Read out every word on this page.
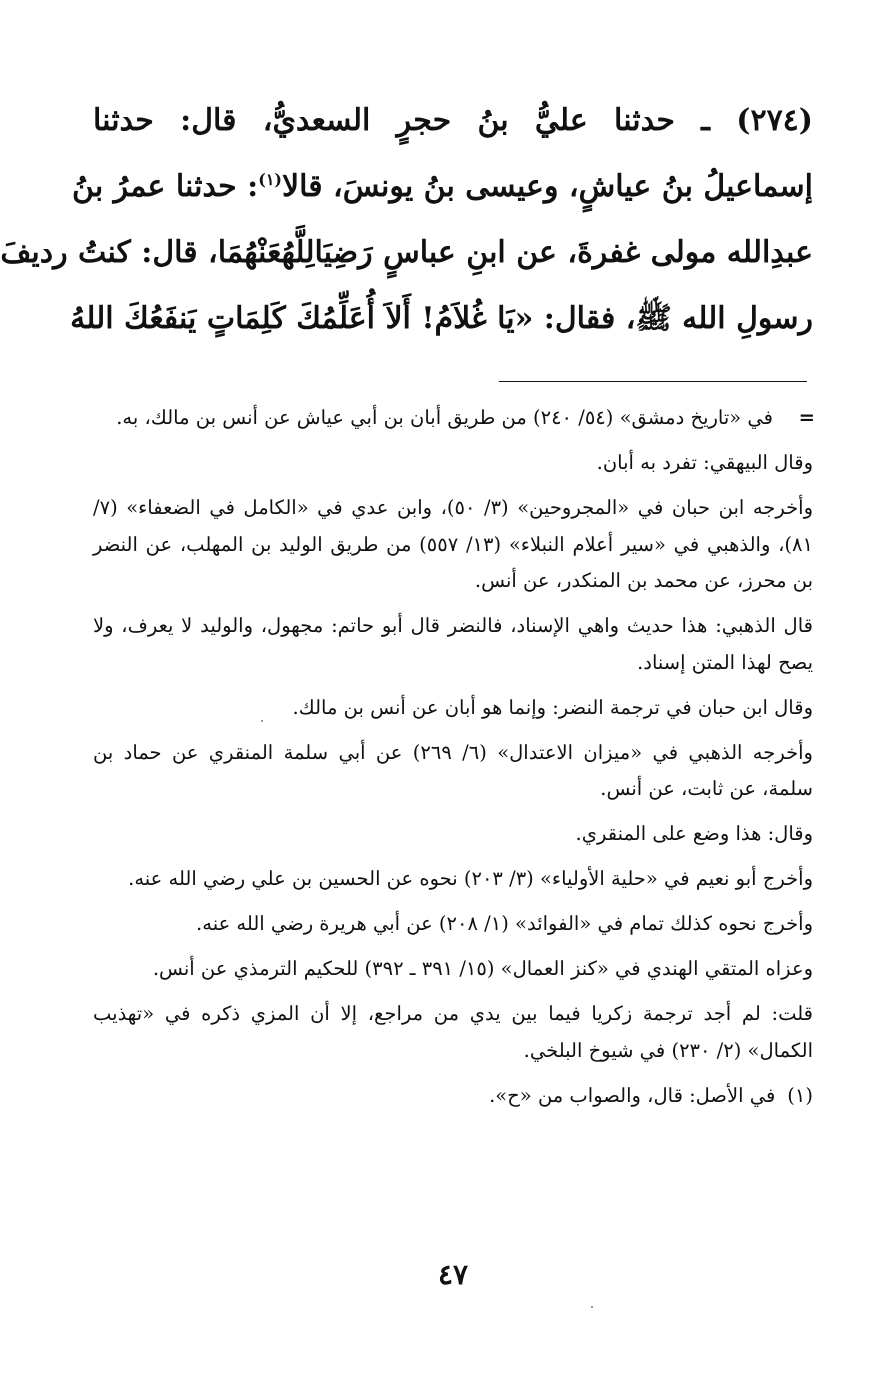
(٢٧٤) ـ حدثنا عليُّ بنُ حجرٍ السعديُّ، قال: حدثنا
إسماعيلُ بنُ عياشٍ، وعيسى بنُ يونسَ، قالا$^{(١)}$: حدثنا عمرُ بنُ
عبدِالله مولى غفرةَ، عن ابنِ عباسٍ رَضِيَالِلَّهُعَنْهُمَا، قال: كنتُ رديفَ
رسولِ الله ﷺ، فقال: «يَا غُلاَمُ! أَلاَ أُعَلِّمُكَ كَلِمَاتٍ يَنفَعُكَ اللهُ

=
في «تاريخ دمشق» (٥٤/ ٢٤٠) من طريق أبان بن أبي عياش عن أنس بن مالك، به.

وقال البيهقي: تفرد به أبان.

وأخرجه ابن حبان في «المجروحين» (٣/ ٥٠)، وابن عدي في «الكامل في الضعفاء» (٧/ ٨١)، والذهبي في «سير أعلام النبلاء» (١٣/ ٥٥٧) من طريق الوليد بن المهلب، عن النضر بن محرز، عن محمد بن المنكدر، عن أنس.

قال الذهبي: هذا حديث واهي الإسناد، فالنضر قال أبو حاتم: مجهول، والوليد لا يعرف، ولا يصح لهذا المتن إسناد.

وقال ابن حبان في ترجمة النضر: وإنما هو أبان عن أنس بن مالك.

وأخرجه الذهبي في «ميزان الاعتدال» (٦/ ٢٦٩) عن أبي سلمة المنقري عن حماد بن سلمة، عن ثابت، عن أنس.

وقال: هذا وضع على المنقري.

وأخرج أبو نعيم في «حلية الأولياء» (٣/ ٢٠٣) نحوه عن الحسين بن علي رضي الله عنه.

وأخرج نحوه كذلك تمام في «الفوائد» (١/ ٢٠٨) عن أبي هريرة رضي الله عنه.

وعزاه المتقي الهندي في «كنز العمال» (١٥/ ٣٩١ ـ ٣٩٢) للحكيم الترمذي عن أنس.

قلت: لم أجد ترجمة زكريا فيما بين يدي من مراجع، إلا أن المزي ذكره في «تهذيب الكمال» (٢/ ٢٣٠) في شيوخ البلخي.

(١)
في الأصل: قال، والصواب من «ح».
٤٧
